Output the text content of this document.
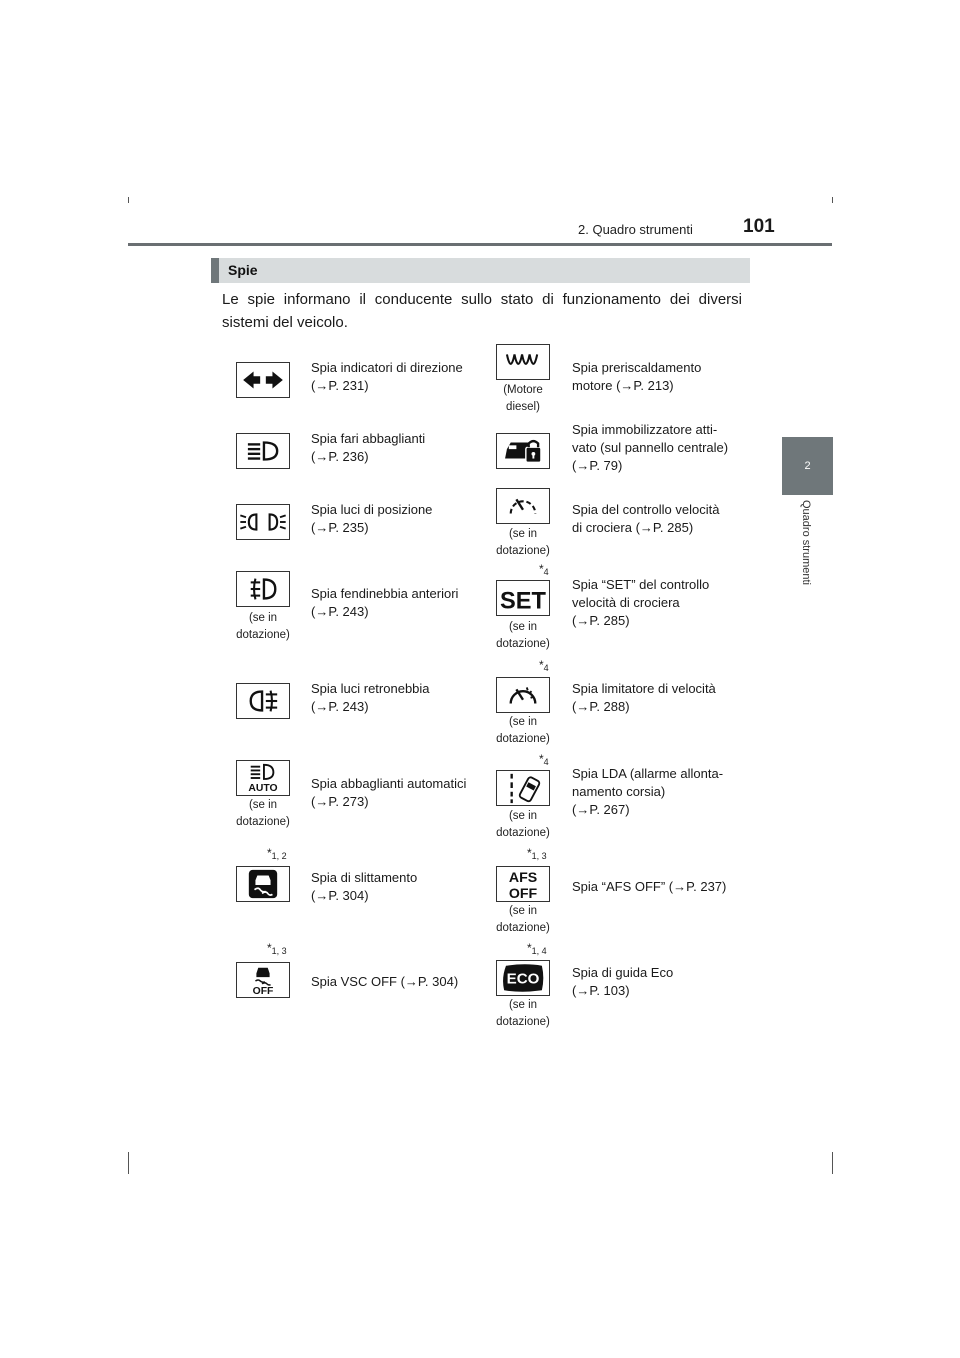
2. Quadro strumenti	101
2
Quadro strumenti
Spie
Le spie informano il conducente sullo stato di funzionamento dei diversi sistemi del veicolo.
AUTO
OFF
SET
AFS
OFF
ECO
(se in
dotazione)
(se in
dotazione)
$*_{1, 2}$
$*_{1, 3}$
(Motore
diesel)
(se in
dotazione)
$*_4$
(se in
dotazione)
$*_4$
(se in
dotazione)
$*_4$
(se in
dotazione)
$*_{1, 3}$
(se in
dotazione)
$*_{1, 4}$
(se in
dotazione)
Spia indicatori di direzione
(→P. 231)
Spia fari abbaglianti
(→P. 236)
Spia luci di posizione
(→P. 235)
Spia fendinebbia anteriori
(→P. 243)
Spia luci retronebbia
(→P. 243)
Spia abbaglianti automatici
(→P. 273)
Spia di slittamento
(→P. 304)
Spia VSC OFF (→P. 304)
Spia preriscaldamento
motore (→P. 213)
Spia immobilizzatore atti-
vato (sul pannello centrale)
(→P. 79)
Spia del controllo velocità
di crociera (→P. 285)
Spia “SET” del controllo
velocità di crociera
(→P. 285)
Spia limitatore di velocità
(→P. 288)
Spia LDA (allarme allonta-
namento corsia)
(→P. 267)
Spia “AFS OFF” (→P. 237)
Spia di guida Eco
(→P. 103)
